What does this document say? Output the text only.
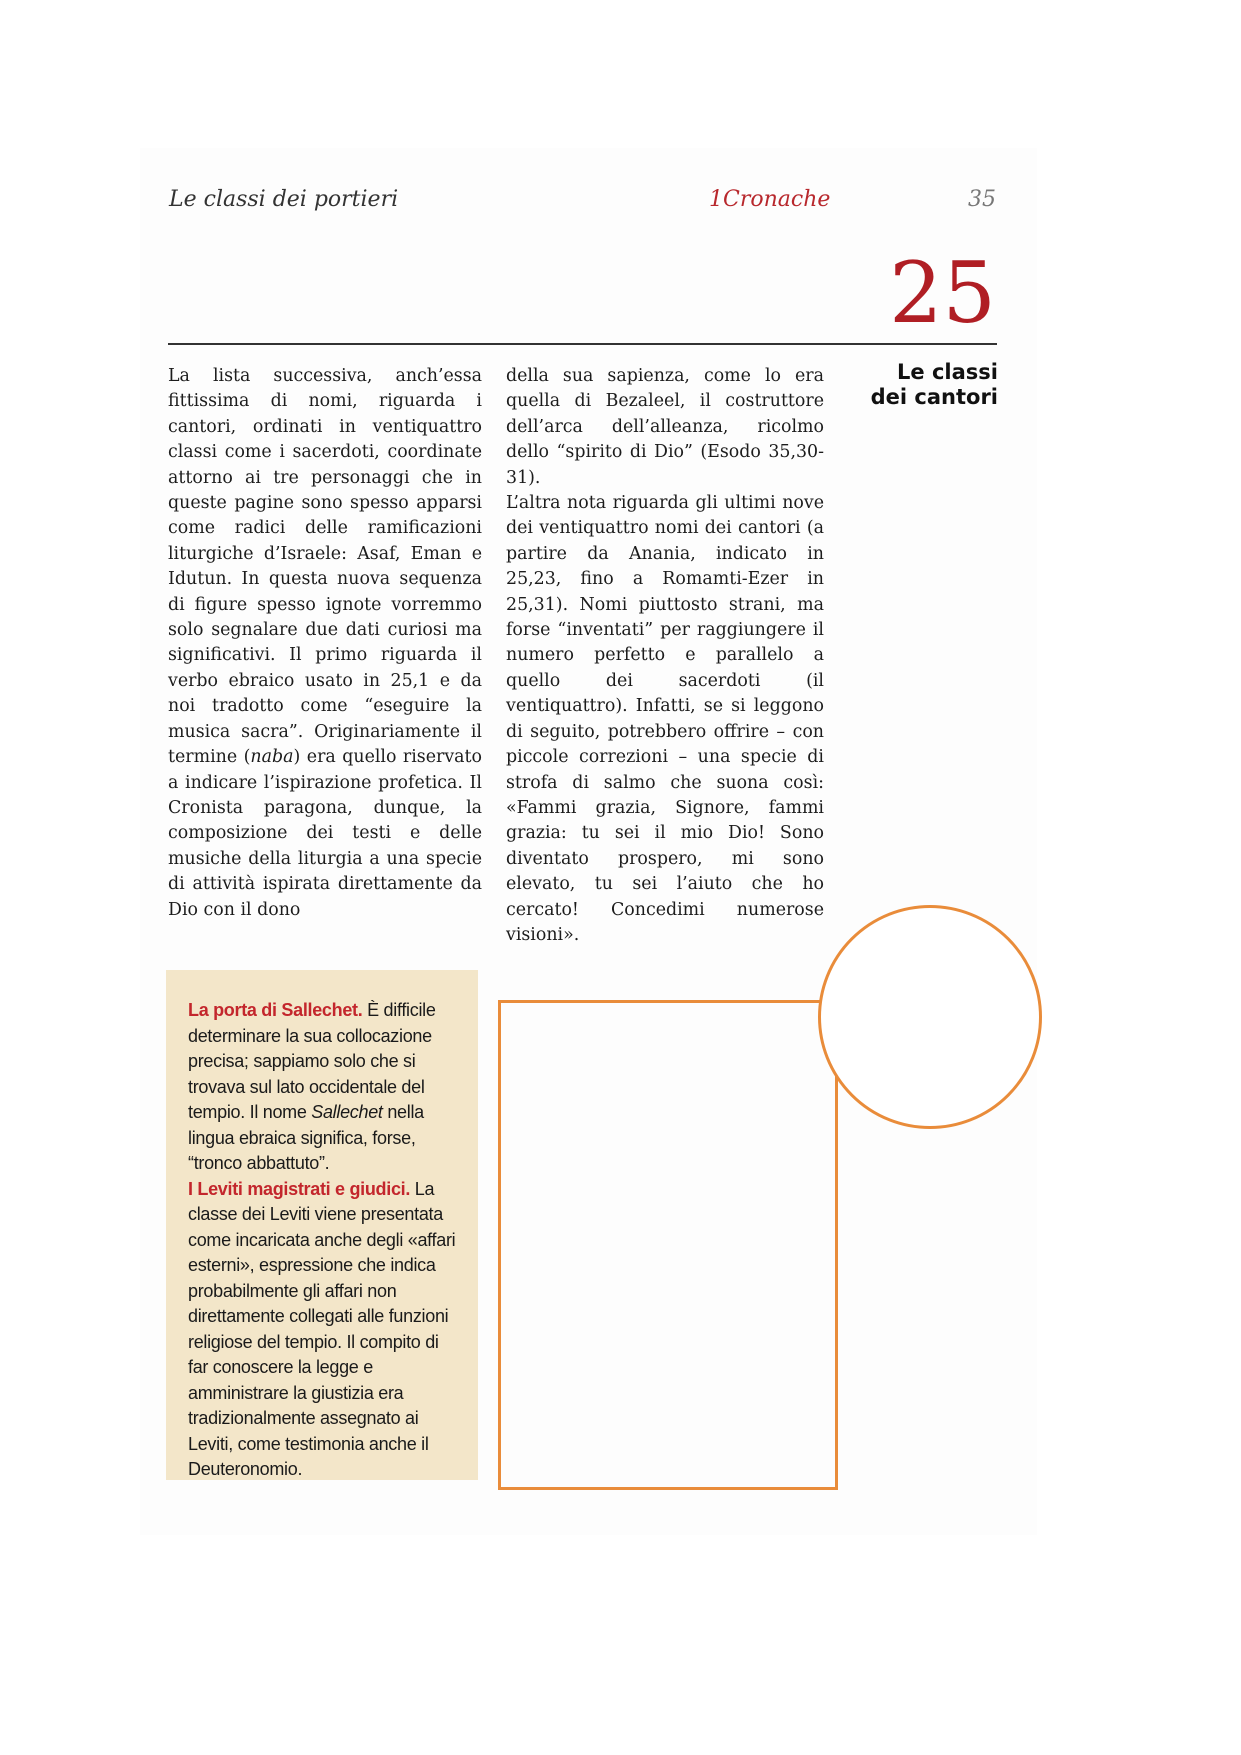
Le classi dei portieri	1Cronache	35
25
Le classi
dei cantori

La lista successiva, anch’essa fittissima di nomi, riguarda i cantori, ordinati in ventiquattro classi come i sacerdoti, coordinate attorno ai tre personaggi che in queste pagine sono spesso apparsi come radici delle ramificazioni liturgiche d’Israele: Asaf, Eman e Idutun. In questa nuova sequenza di figure spesso ignote vorremmo solo segnalare due dati curiosi ma significativi. Il primo riguarda il verbo ebraico usato in 25,1 e da noi tradotto come “eseguire la musica sacra”. Originariamente il termine (naba) era quello riservato a indicare l’ispirazione profetica. Il Cronista paragona, dunque, la composizione dei testi e delle musiche della liturgia a una specie di attività ispirata direttamente da Dio con il dono

della sua sapienza, come lo era quella di Bezaleel, il costruttore dell’arca dell’alleanza, ricolmo dello “spirito di Dio” (Esodo 35,30-31).

L’altra nota riguarda gli ultimi nove dei ventiquattro nomi dei cantori (a partire da Anania, indicato in 25,23, fino a Romamti-Ezer in 25,31). Nomi piuttosto strani, ma forse “inventati” per raggiungere il numero perfetto e parallelo a quello dei sacerdoti (il ventiquattro). Infatti, se si leggono di seguito, potrebbero offrire – con piccole correzioni – una specie di strofa di salmo che suona così: «Fammi grazia, Signore, fammi grazia: tu sei il mio Dio! Sono diventato prospero, mi sono elevato, tu sei l’aiuto che ho cercato! Concedimi numerose visioni».

La porta di Sallechet. È difficile determinare la sua collocazione precisa; sappiamo solo che si trovava sul lato occidentale del tempio. Il nome Sallechet nella lingua ebraica significa, forse, “tronco abbattuto”.

I Leviti magistrati e giudici. La classe dei Leviti viene presentata come incaricata anche degli «affari esterni», espressione che indica probabilmente gli affari non direttamente collegati alle funzioni religiose del tempio. Il compito di far conoscere la legge e amministrare la giustizia era tradizionalmente assegnato ai Leviti, come testimonia anche il Deuteronomio.
